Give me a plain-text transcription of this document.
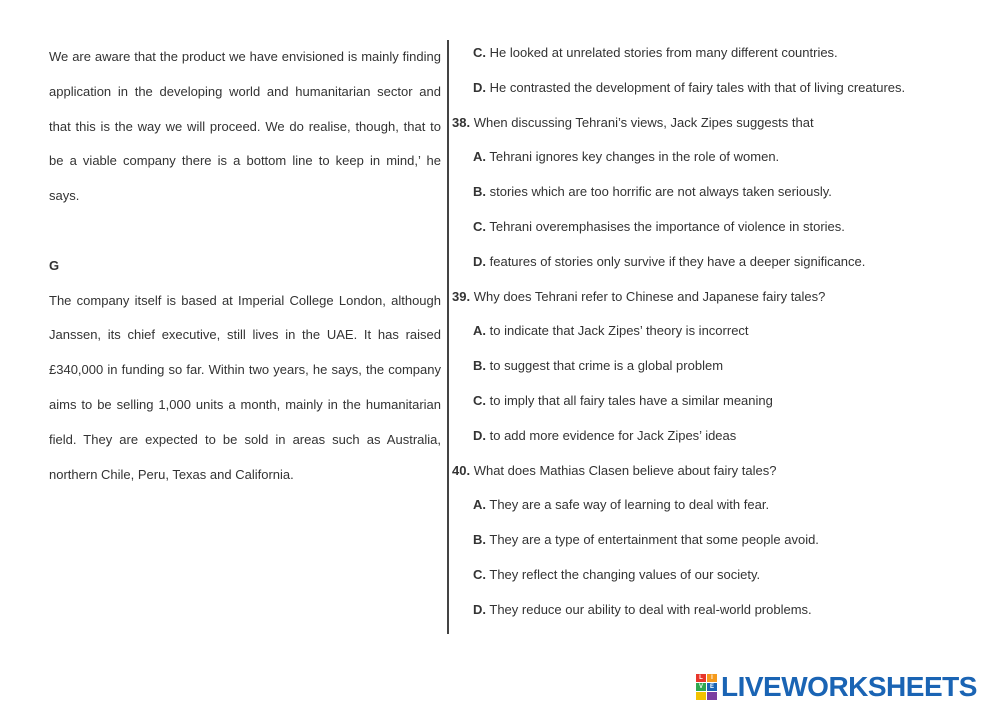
We are aware that the product we have envisioned is mainly finding application in the developing world and humanitarian sector and that this is the way we will proceed. We do realise, though, that to be a viable company there is a bottom line to keep in mind,’ he says.

G

The company itself is based at Imperial College London, although Janssen, its chief executive, still lives in the UAE. It has raised £340,000 in funding so far. Within two years, he says, the company aims to be selling 1,000 units a month, mainly in the humanitarian field. They are expected to be sold in areas such as Australia, northern Chile, Peru, Texas and California.

C. He looked at unrelated stories from many different countries.

D. He contrasted the development of fairy tales with that of living creatures.

38. When discussing Tehrani’s views, Jack Zipes suggests that

A. Tehrani ignores key changes in the role of women.

B. stories which are too horrific are not always taken seriously.

C. Tehrani overemphasises the importance of violence in stories.

D. features of stories only survive if they have a deeper significance.

39. Why does Tehrani refer to Chinese and Japanese fairy tales?

A. to indicate that Jack Zipes’ theory is incorrect

B. to suggest that crime is a global problem

C. to imply that all fairy tales have a similar meaning

D. to add more evidence for Jack Zipes’ ideas

40. What does Mathias Clasen believe about fairy tales?

A. They are a safe way of learning to deal with fear.

B. They are a type of entertainment that some people avoid.

C. They reflect the changing values of our society.

D. They reduce our ability to deal with real-world problems.

L	I
V	E LIVEWORKSHEETS
